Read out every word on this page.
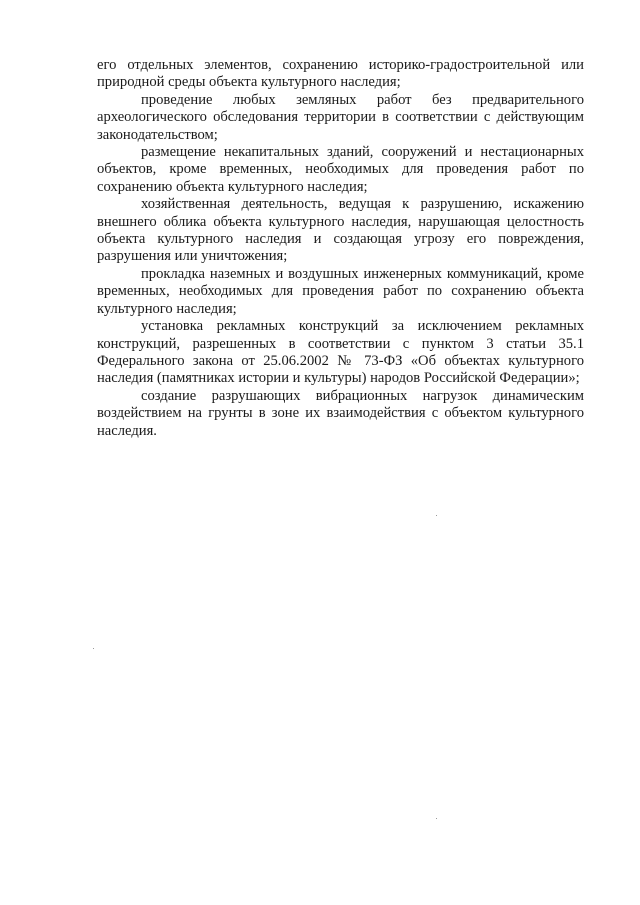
его отдельных элементов, сохранению историко-градостроительной или природной среды объекта культурного наследия;

проведение любых земляных работ без предварительного археологического обследования территории в соответствии с действующим законодательством;

размещение некапитальных зданий, сооружений и нестационарных объектов, кроме временных, необходимых для проведения работ по сохранению объекта культурного наследия;

хозяйственная деятельность, ведущая к разрушению, искажению внешнего облика объекта культурного наследия, нарушающая целостность объекта культурного наследия и создающая угрозу его повреждения, разрушения или уничтожения;

прокладка наземных и воздушных инженерных коммуникаций, кроме временных, необходимых для проведения работ по сохранению объекта культурного наследия;

установка рекламных конструкций за исключением рекламных конструкций, разрешенных в соответствии с пунктом 3 статьи 35.1 Федерального закона от 25.06.2002 № 73-ФЗ «Об объектах культурного наследия (памятниках истории и культуры) народов Российской Федерации»;

создание разрушающих вибрационных нагрузок динамическим воздействием на грунты в зоне их взаимодействия с объектом культурного наследия.
